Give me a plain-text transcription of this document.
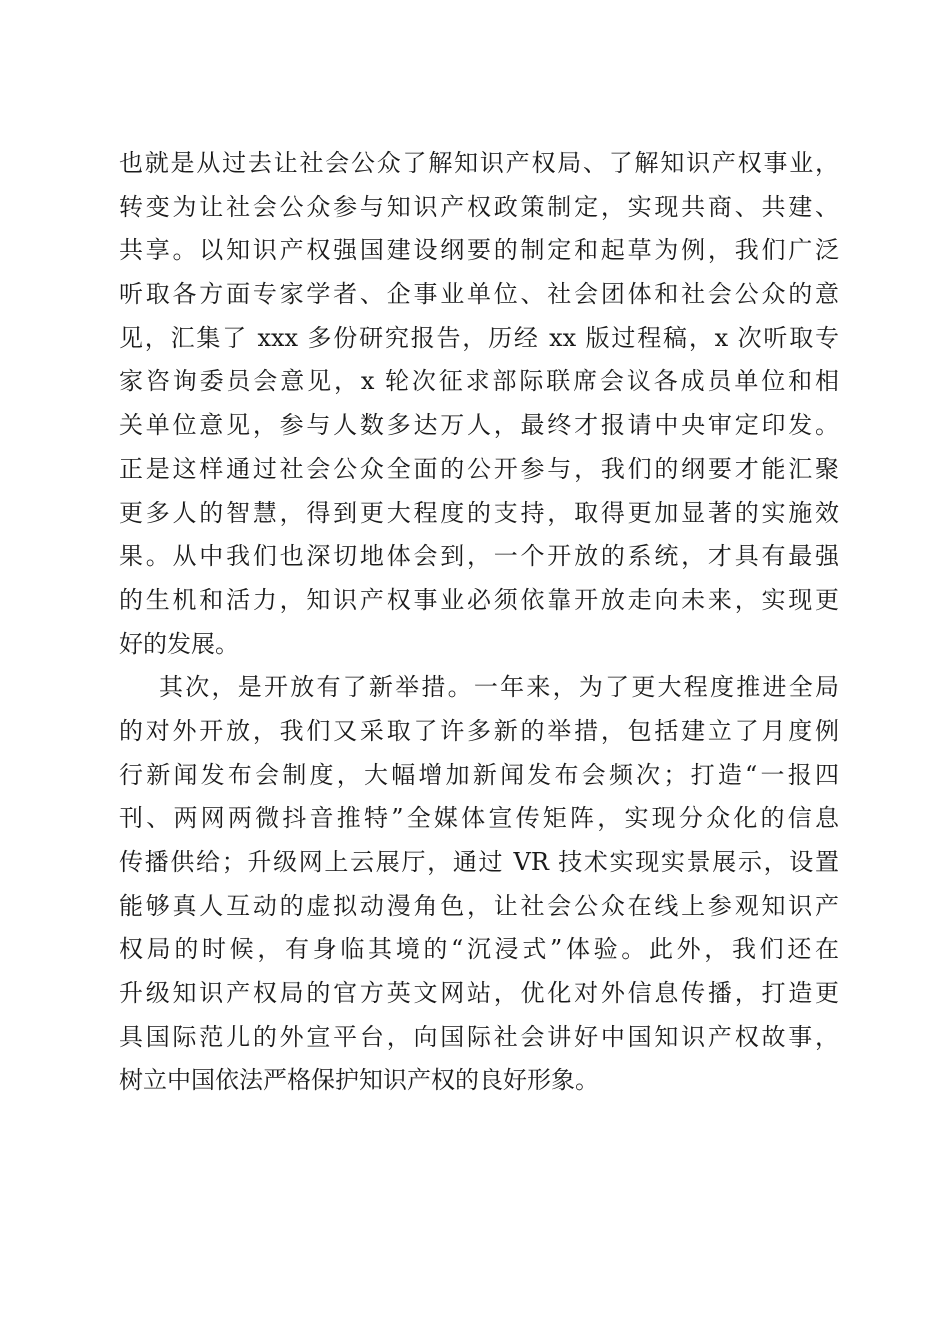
也就是从过去让社会公众了解知识产权局、了解知识产权事业，
转变为让社会公众参与知识产权政策制定，实现共商、共建、
共享。以知识产权强国建设纲要的制定和起草为例，我们广泛
听取各方面专家学者、企事业单位、社会团体和社会公众的意
见，汇集了 xxx 多份研究报告，历经 xx 版过程稿，x 次听取专
家咨询委员会意见，x 轮次征求部际联席会议各成员单位和相
关单位意见，参与人数多达万人，最终才报请中央审定印发。
正是这样通过社会公众全面的公开参与，我们的纲要才能汇聚
更多人的智慧，得到更大程度的支持，取得更加显著的实施效
果。从中我们也深切地体会到，一个开放的系统，才具有最强
的生机和活力，知识产权事业必须依靠开放走向未来，实现更
好的发展。
其次，是开放有了新举措。一年来，为了更大程度推进全局
的对外开放，我们又采取了许多新的举措，包括建立了月度例
行新闻发布会制度，大幅增加新闻发布会频次；打造“一报四
刊、两网两微抖音推特”全媒体宣传矩阵，实现分众化的信息
传播供给；升级网上云展厅，通过 VR 技术实现实景展示，设置
能够真人互动的虚拟动漫角色，让社会公众在线上参观知识产
权局的时候，有身临其境的“沉浸式”体验。此外，我们还在
升级知识产权局的官方英文网站，优化对外信息传播，打造更
具国际范儿的外宣平台，向国际社会讲好中国知识产权故事，
树立中国依法严格保护知识产权的良好形象。
